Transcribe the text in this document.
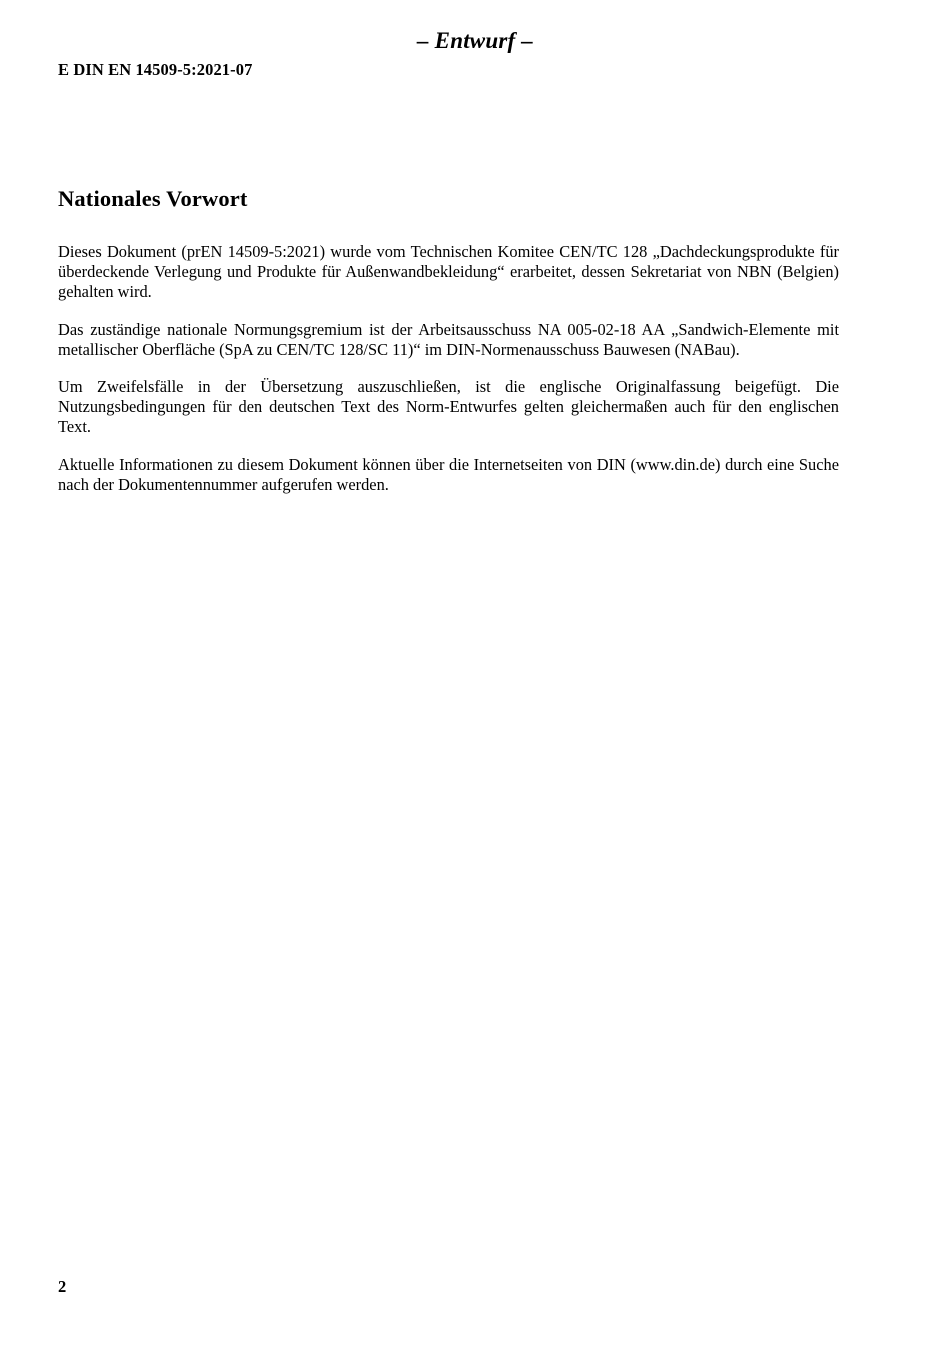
– Entwurf –
E DIN EN 14509-5:2021-07
Nationales Vorwort

Dieses Dokument (prEN 14509-5:2021) wurde vom Technischen Komitee CEN/TC 128 „Dachdeckungsprodukte für überdeckende Verlegung und Produkte für Außenwandbekleidung“ erarbeitet, dessen Sekretariat von NBN (Belgien) gehalten wird.

Das zuständige nationale Normungsgremium ist der Arbeitsausschuss NA 005-02-18 AA „Sandwich-Elemente mit metallischer Oberfläche (SpA zu CEN/TC 128/SC 11)“ im DIN-Normenausschuss Bauwesen (NABau).

Um Zweifelsfälle in der Übersetzung auszuschließen, ist die englische Originalfassung beigefügt. Die Nutzungsbedingungen für den deutschen Text des Norm-Entwurfes gelten gleichermaßen auch für den englischen Text.

Aktuelle Informationen zu diesem Dokument können über die Internetseiten von DIN (www.din.de) durch eine Suche nach der Dokumentennummer aufgerufen werden.

2
